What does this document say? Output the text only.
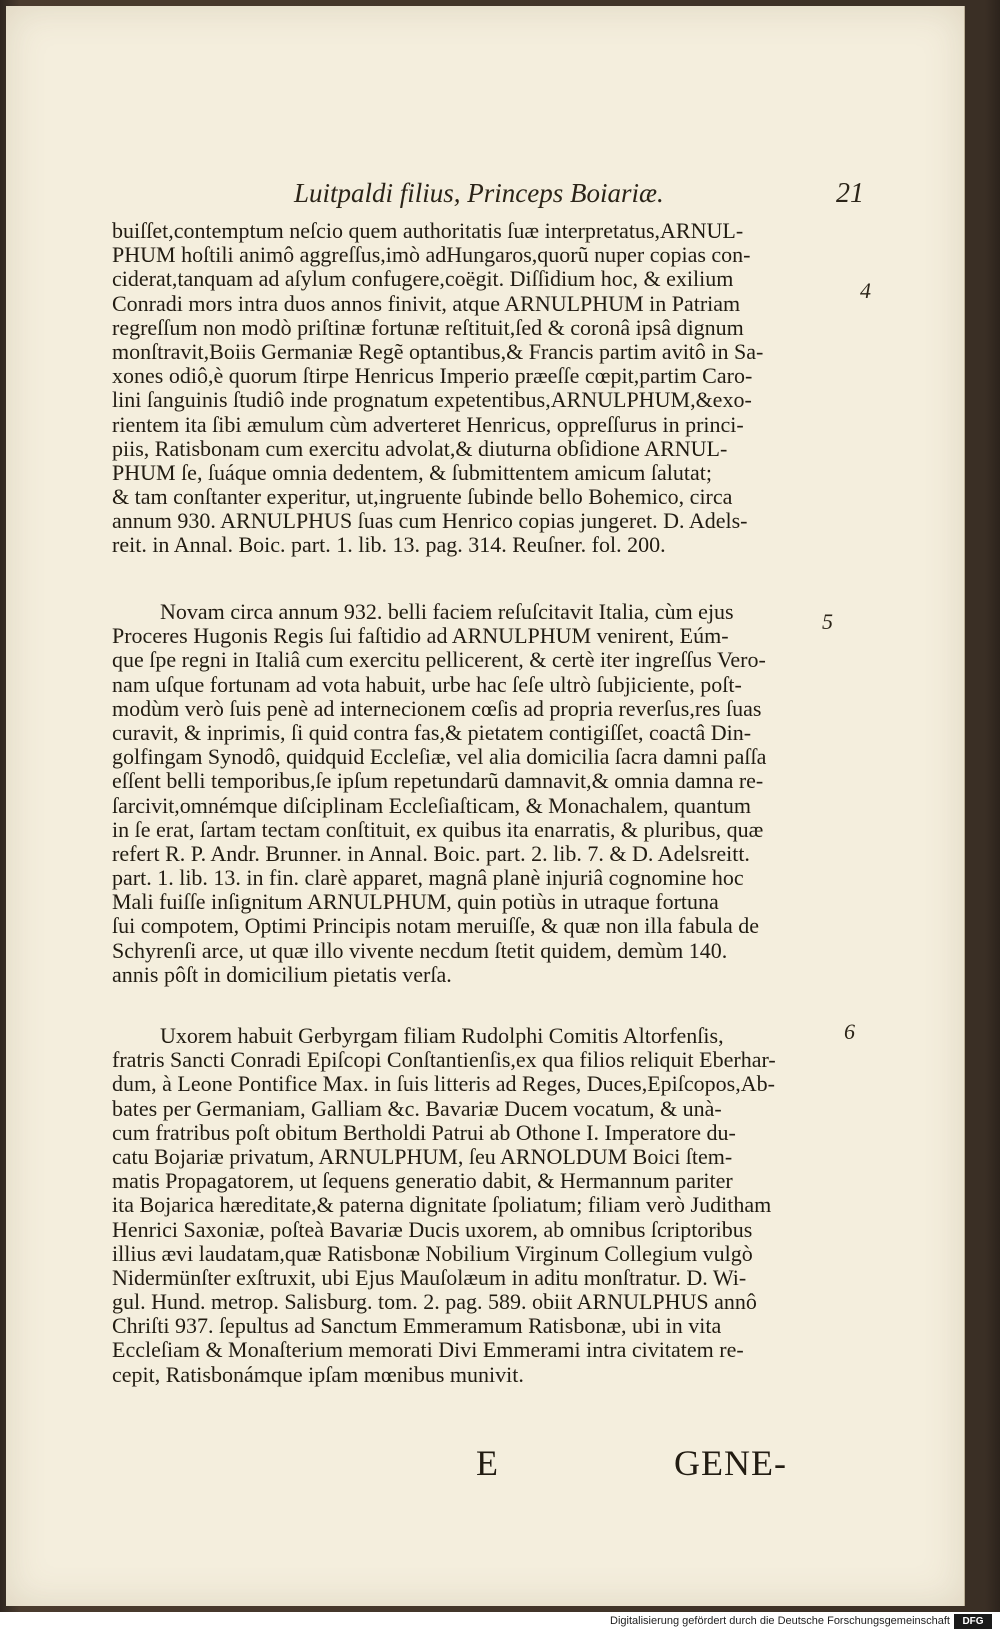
Luitpaldi filius, Princeps Boiariæ.	21

buiſſet,contemptum neſcio quem authoritatis ſuæ interpretatus,ARNUL-
PHUM hoſtili animô aggreſſus,imò adHungaros,quorũ nuper copias con-
ciderat,tanquam ad aſylum confugere,coëgit. Diſſidium hoc, & exilium
Conradi mors intra duos annos finivit, atque ARNULPHUM in Patriam
regreſſum non modò priſtinæ fortunæ reſtituit,ſed & coronâ ipsâ dignum
monſtravit,Boiis Germaniæ Regẽ optantibus,& Francis partim avitô in Sa-
xones odiô,è quorum ſtirpe Henricus Imperio præeſſe cœpit,partim Caro-
lini ſanguinis ſtudiô inde prognatum expetentibus,ARNULPHUM,&exo-
rientem ita ſibi æmulum cùm adverteret Henricus, oppreſſurus in princi-
piis, Ratisbonam cum exercitu advolat,& diuturna obſidione ARNUL-
PHUM ſe, ſuáque omnia dedentem, & ſubmittentem amicum ſalutat;
& tam conſtanter experitur, ut,ingruente ſubinde bello Bohemico, circa
annum 930. ARNULPHUS ſuas cum Henrico copias jungeret. D. Adels-
reit. in Annal. Boic. part. 1. lib. 13. pag. 314. Reuſner. fol. 200.

Novam circa annum 932. belli faciem reſuſcitavit Italia, cùm ejus
Proceres Hugonis Regis ſui faſtidio ad ARNULPHUM venirent, Eúm-
que ſpe regni in Italiâ cum exercitu pellicerent, & certè iter ingreſſus Vero-
nam uſque fortunam ad vota habuit, urbe hac ſeſe ultrò ſubjiciente, poſt-
modùm verò ſuis penè ad internecionem cœſis ad propria reverſus,res ſuas
curavit, & inprimis, ſi quid contra fas,& pietatem contigiſſet, coactâ Din-
golfingam Synodô, quidquid Eccleſiæ, vel alia domicilia ſacra damni paſſa
eſſent belli temporibus,ſe ipſum repetundarũ damnavit,& omnia damna re-
ſarcivit,omnémque diſciplinam Eccleſiaſticam, & Monachalem, quantum
in ſe erat, ſartam tectam conſtituit, ex quibus ita enarratis, & pluribus, quæ
refert R. P. Andr. Brunner. in Annal. Boic. part. 2. lib. 7. & D. Adelsreitt.
part. 1. lib. 13. in fin. clarè apparet, magnâ planè injuriâ cognomine hoc
Mali fuiſſe inſignitum ARNULPHUM, quin potiùs in utraque fortuna
ſui compotem, Optimi Principis notam meruiſſe, & quæ non illa fabula de
Schyrenſi arce, ut quæ illo vivente necdum ſtetit quidem, demùm 140.
annis pôſt in domicilium pietatis verſa.

Uxorem habuit Gerbyrgam filiam Rudolphi Comitis Altorfenſis,
fratris Sancti Conradi Epiſcopi Conſtantienſis,ex qua filios reliquit Eberhar-
dum, à Leone Pontifice Max. in ſuis litteris ad Reges, Duces,Epiſcopos,Ab-
bates per Germaniam, Galliam &c. Bavariæ Ducem vocatum, & unà-
cum fratribus poſt obitum Bertholdi Patrui ab Othone I. Imperatore du-
catu Bojariæ privatum, ARNULPHUM, ſeu ARNOLDUM Boici ſtem-
matis Propagatorem, ut ſequens generatio dabit, & Hermannum pariter
ita Bojarica hæreditate,& paterna dignitate ſpoliatum; filiam verò Juditham
Henrici Saxoniæ, poſteà Bavariæ Ducis uxorem, ab omnibus ſcriptoribus
illius ævi laudatam,quæ Ratisbonæ Nobilium Virginum Collegium vulgò
Nidermünſter exſtruxit, ubi Ejus Mauſolæum in aditu monſtratur. D. Wi-
gul. Hund. metrop. Salisburg. tom. 2. pag. 589. obiit ARNULPHUS annô
Chriſti 937. ſepultus ad Sanctum Emmeramum Ratisbonæ, ubi in vita
Eccleſiam & Monaſterium memorati Divi Emmerami intra civitatem re-
cepit, Ratisbonámque ipſam mœnibus munivit.

4
5
6
E	GENE-
Digitalisierung gefördert durch die Deutsche Forschungsgemeinschaft	DFG
